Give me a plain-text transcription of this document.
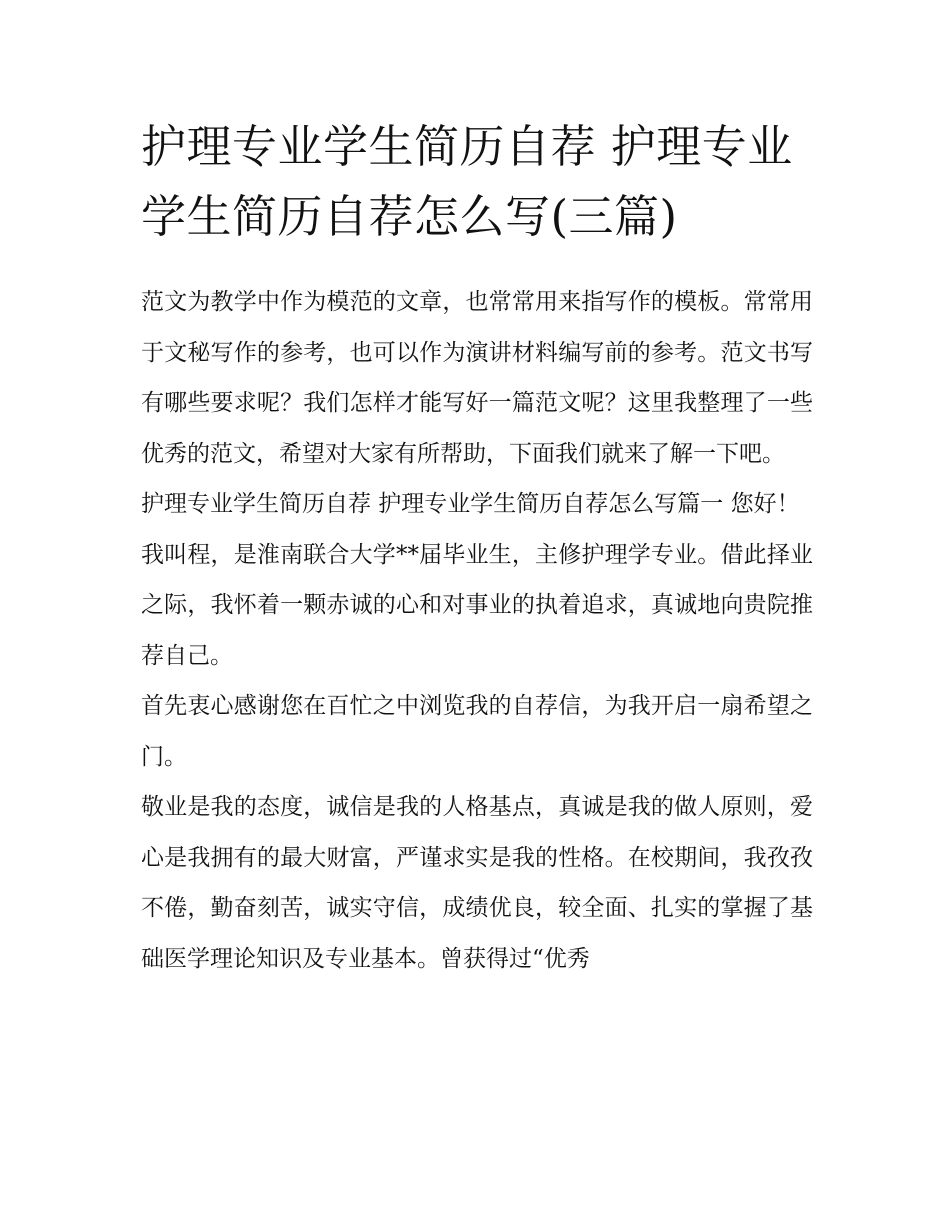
护理专业学生简历自荐 护理专业学生简历自荐怎么写(三篇)

范文为教学中作为模范的文章，也常常用来指写作的模板。常常用于文秘写作的参考，也可以作为演讲材料编写前的参考。范文书写有哪些要求呢？我们怎样才能写好一篇范文呢？这里我整理了一些优秀的范文，希望对大家有所帮助，下面我们就来了解一下吧。

护理专业学生简历自荐 护理专业学生简历自荐怎么写篇一 您好！

我叫程，是淮南联合大学**届毕业生，主修护理学专业。借此择业之际，我怀着一颗赤诚的心和对事业的执着追求，真诚地向贵院推荐自己。

首先衷心感谢您在百忙之中浏览我的自荐信，为我开启一扇希望之门。

敬业是我的态度，诚信是我的人格基点，真诚是我的做人原则，爱心是我拥有的最大财富，严谨求实是我的性格。在校期间，我孜孜不倦，勤奋刻苦，诚实守信，成绩优良，较全面、扎实的掌握了基础医学理论知识及专业基本。曾获得过“优秀
